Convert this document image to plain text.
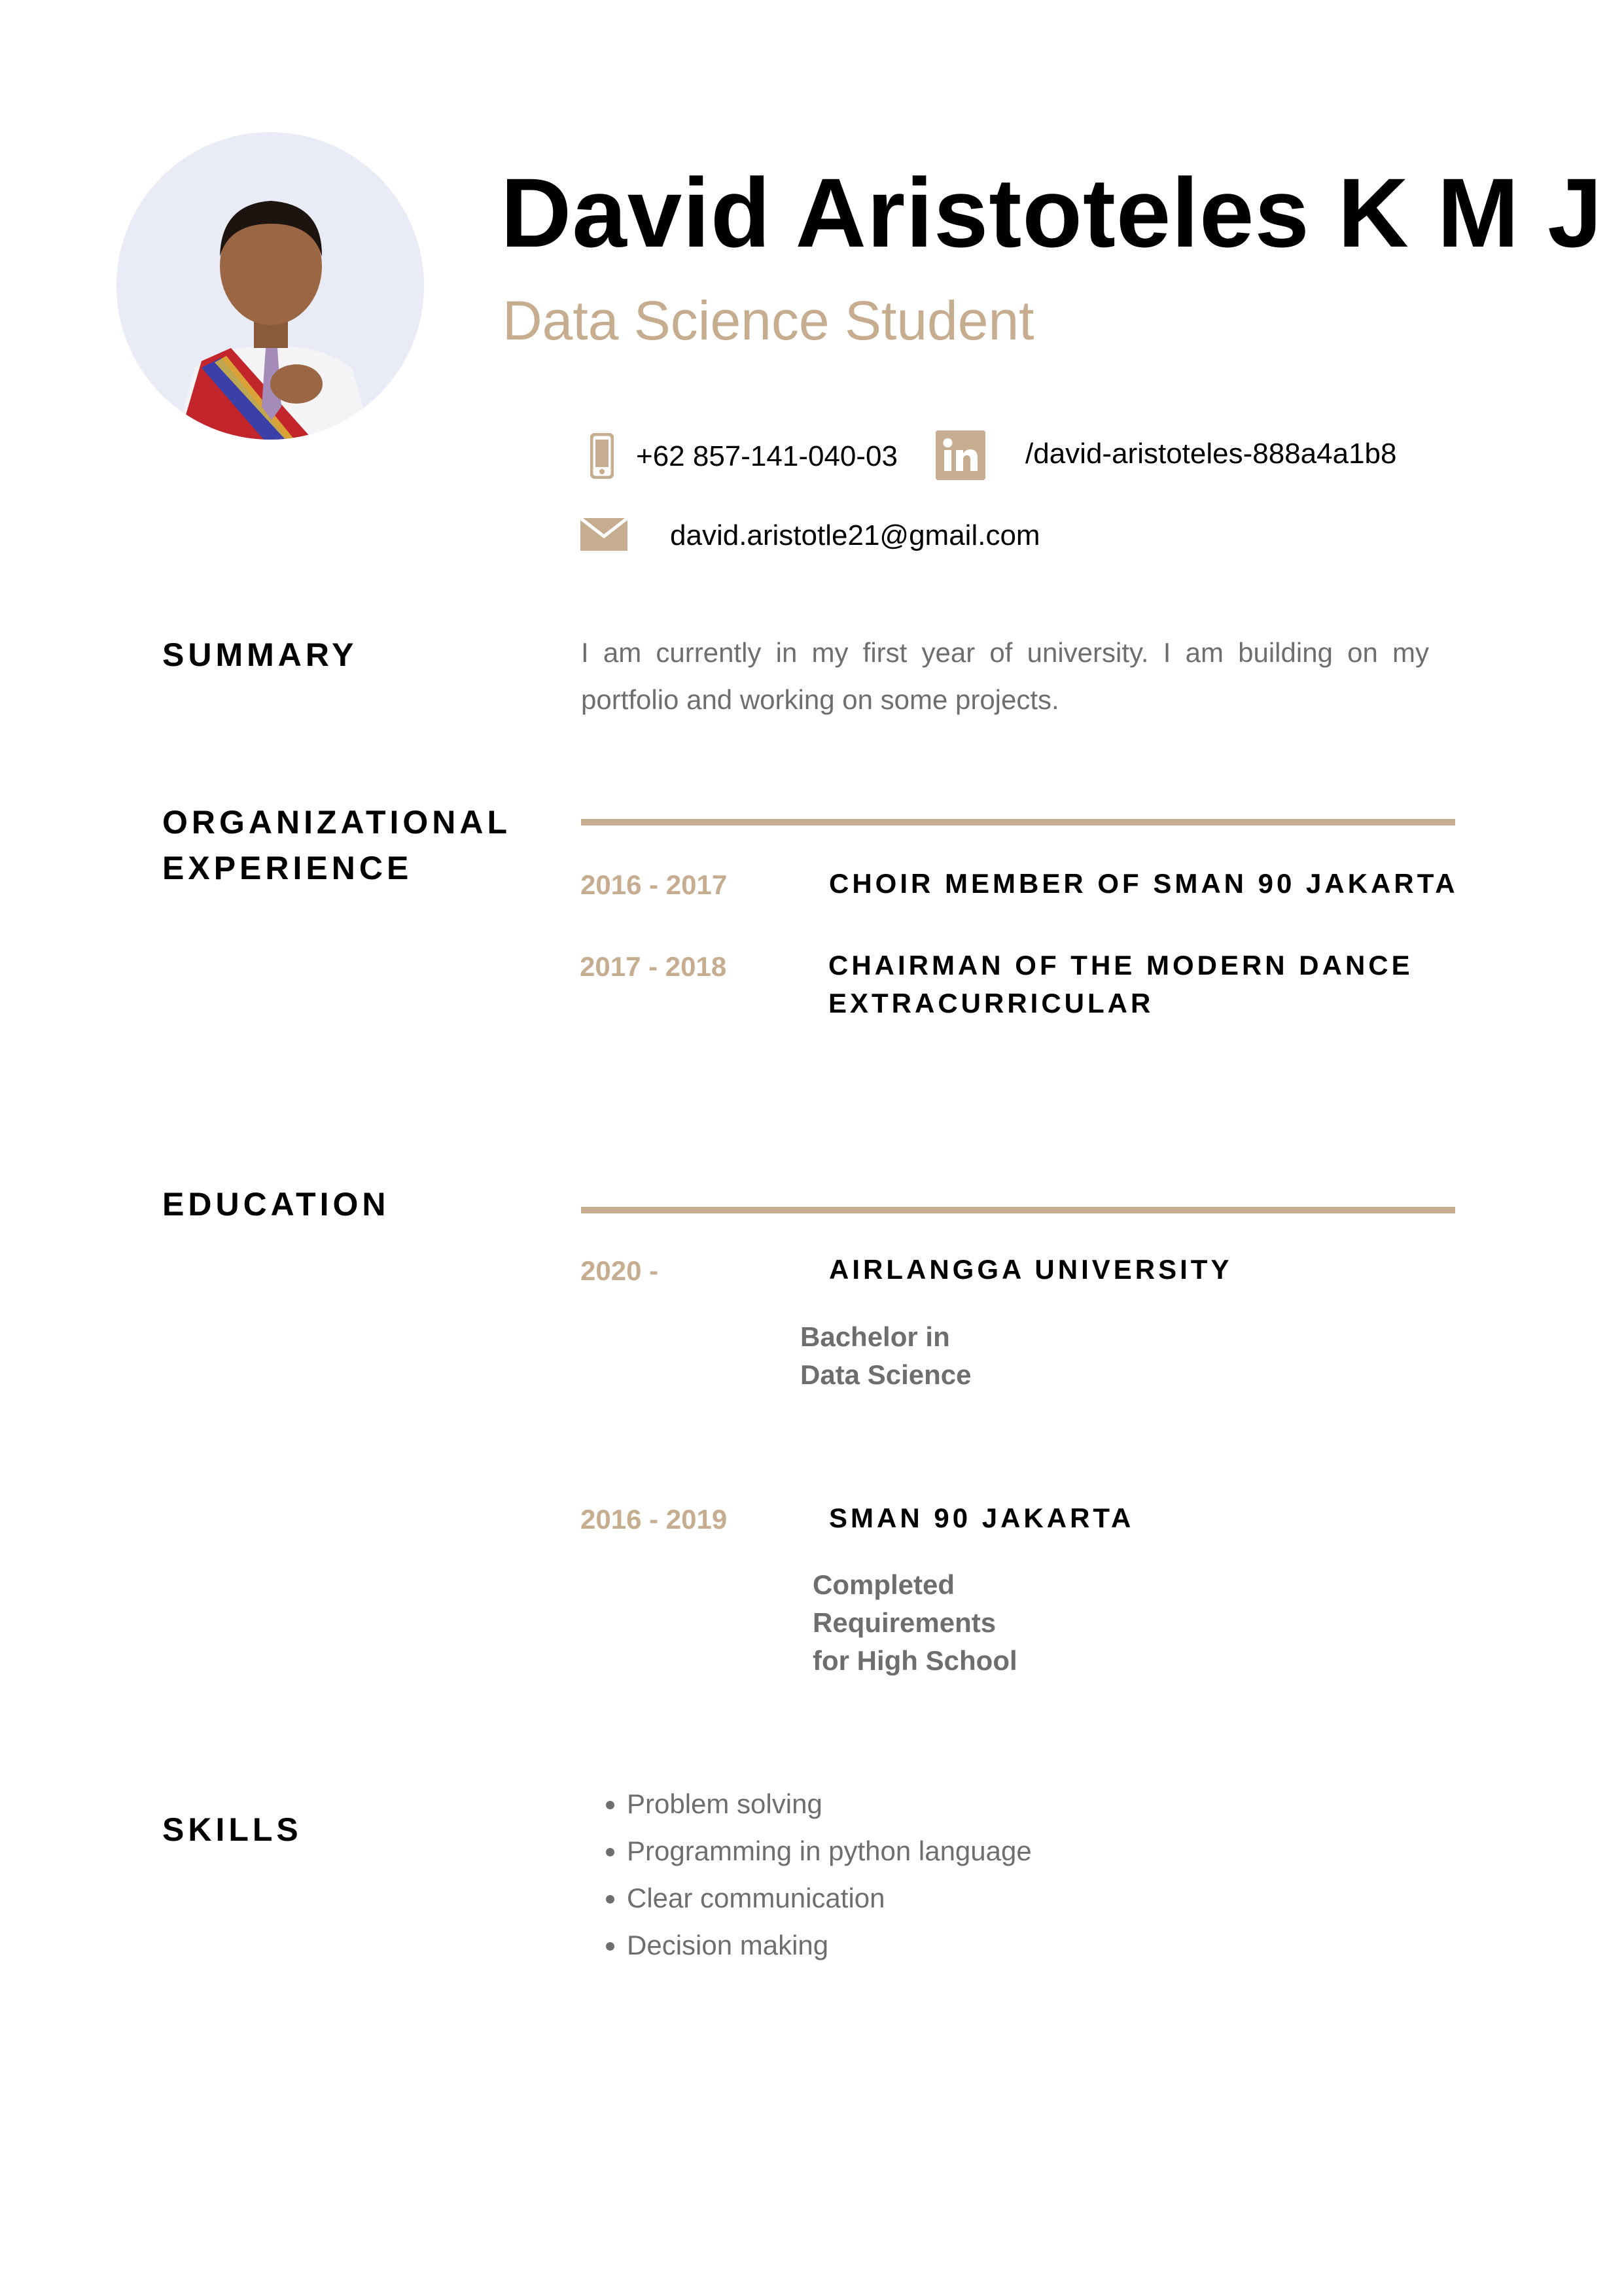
David Aristoteles K M J
Data Science Student
+62 857-141-040-03	/david-aristoteles-888a4a1b8
david.aristotle21@gmail.com
SUMMARY	I am currently in my first year of university. I am building on my portfolio and working on some projects.
ORGANIZATIONAL
EXPERIENCE	2016 - 2017	CHOIR MEMBER OF SMAN 90 JAKARTA
2017 - 2018	CHAIRMAN OF THE MODERN DANCE
EXTRACURRICULAR
EDUCATION
2020 -	AIRLANGGA UNIVERSITY
Bachelor in
Data Science
2016 - 2019	SMAN 90 JAKARTA
Completed
Requirements
for High School
SKILLS
• Problem solving
• Programming in python language
• Clear communication
• Decision making
